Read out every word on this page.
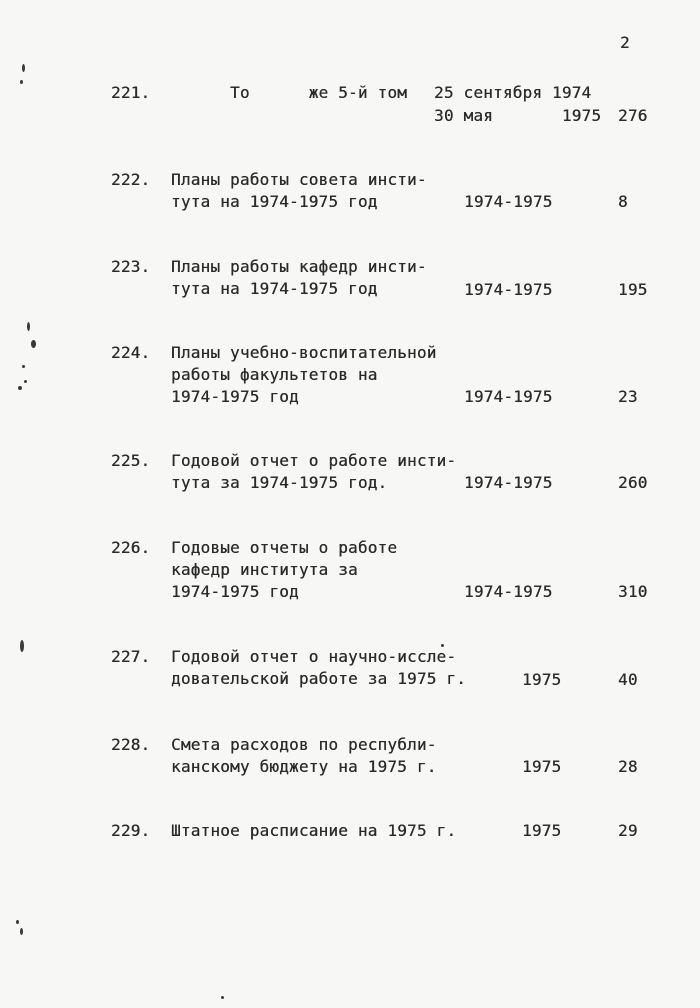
2
221.	То      же 5-й том 25 сентября 1974
30 мая       1975 276
222. Планы работы совета инсти-
тута на 1974-1975 год	1974-1975	8
223. Планы работы кафедр инсти-
тута на 1974-1975 год	1974-1975	195
224. Планы учебно-воспитательной
работы факультетов на
1974-1975 год	1974-1975	23
225. Годовой отчет о работе инсти-
тута за 1974-1975 год.	1974-1975	260
226. Годовые отчеты о работе
кафедр института за
1974-1975 год	1974-1975	310
227. Годовой отчет о научно-иссле-
довательской работе за 1975 г.	1975	40
228. Смета расходов по республи-
канскому бюджету на 1975 г.	1975	28
229. Штатное расписание на 1975 г.	1975	29
